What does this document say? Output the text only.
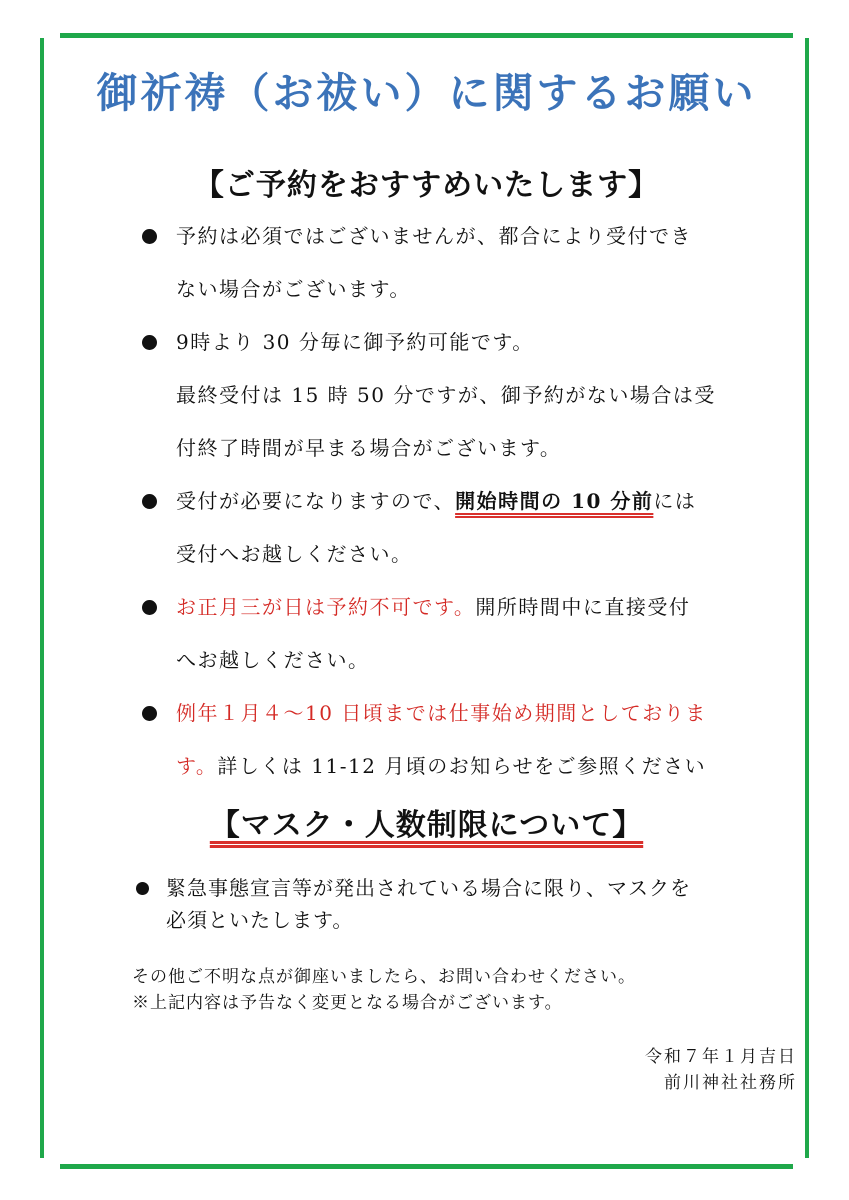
御祈祷（お祓い）に関するお願い
【ご予約をおすすめいたします】
予約は必須ではございませんが、都合により受付でき
ない場合がございます。
9時より 30 分毎に御予約可能です。
最終受付は 15 時 50 分ですが、御予約がない場合は受
付終了時間が早まる場合がございます。
受付が必要になりますので、開始時間の 10 分前には
受付へお越しください。
お正月三が日は予約不可です。開所時間中に直接受付
へお越しください。
例年１月４〜10 日頃までは仕事始め期間としておりま
す。詳しくは 11-12 月頃のお知らせをご参照ください
【マスク・人数制限について】
緊急事態宣言等が発出されている場合に限り、マスクを
必須といたします。
その他ご不明な点が御座いましたら、お問い合わせください。
※上記内容は予告なく変更となる場合がございます。
令和７年１月吉日
前川神社社務所
